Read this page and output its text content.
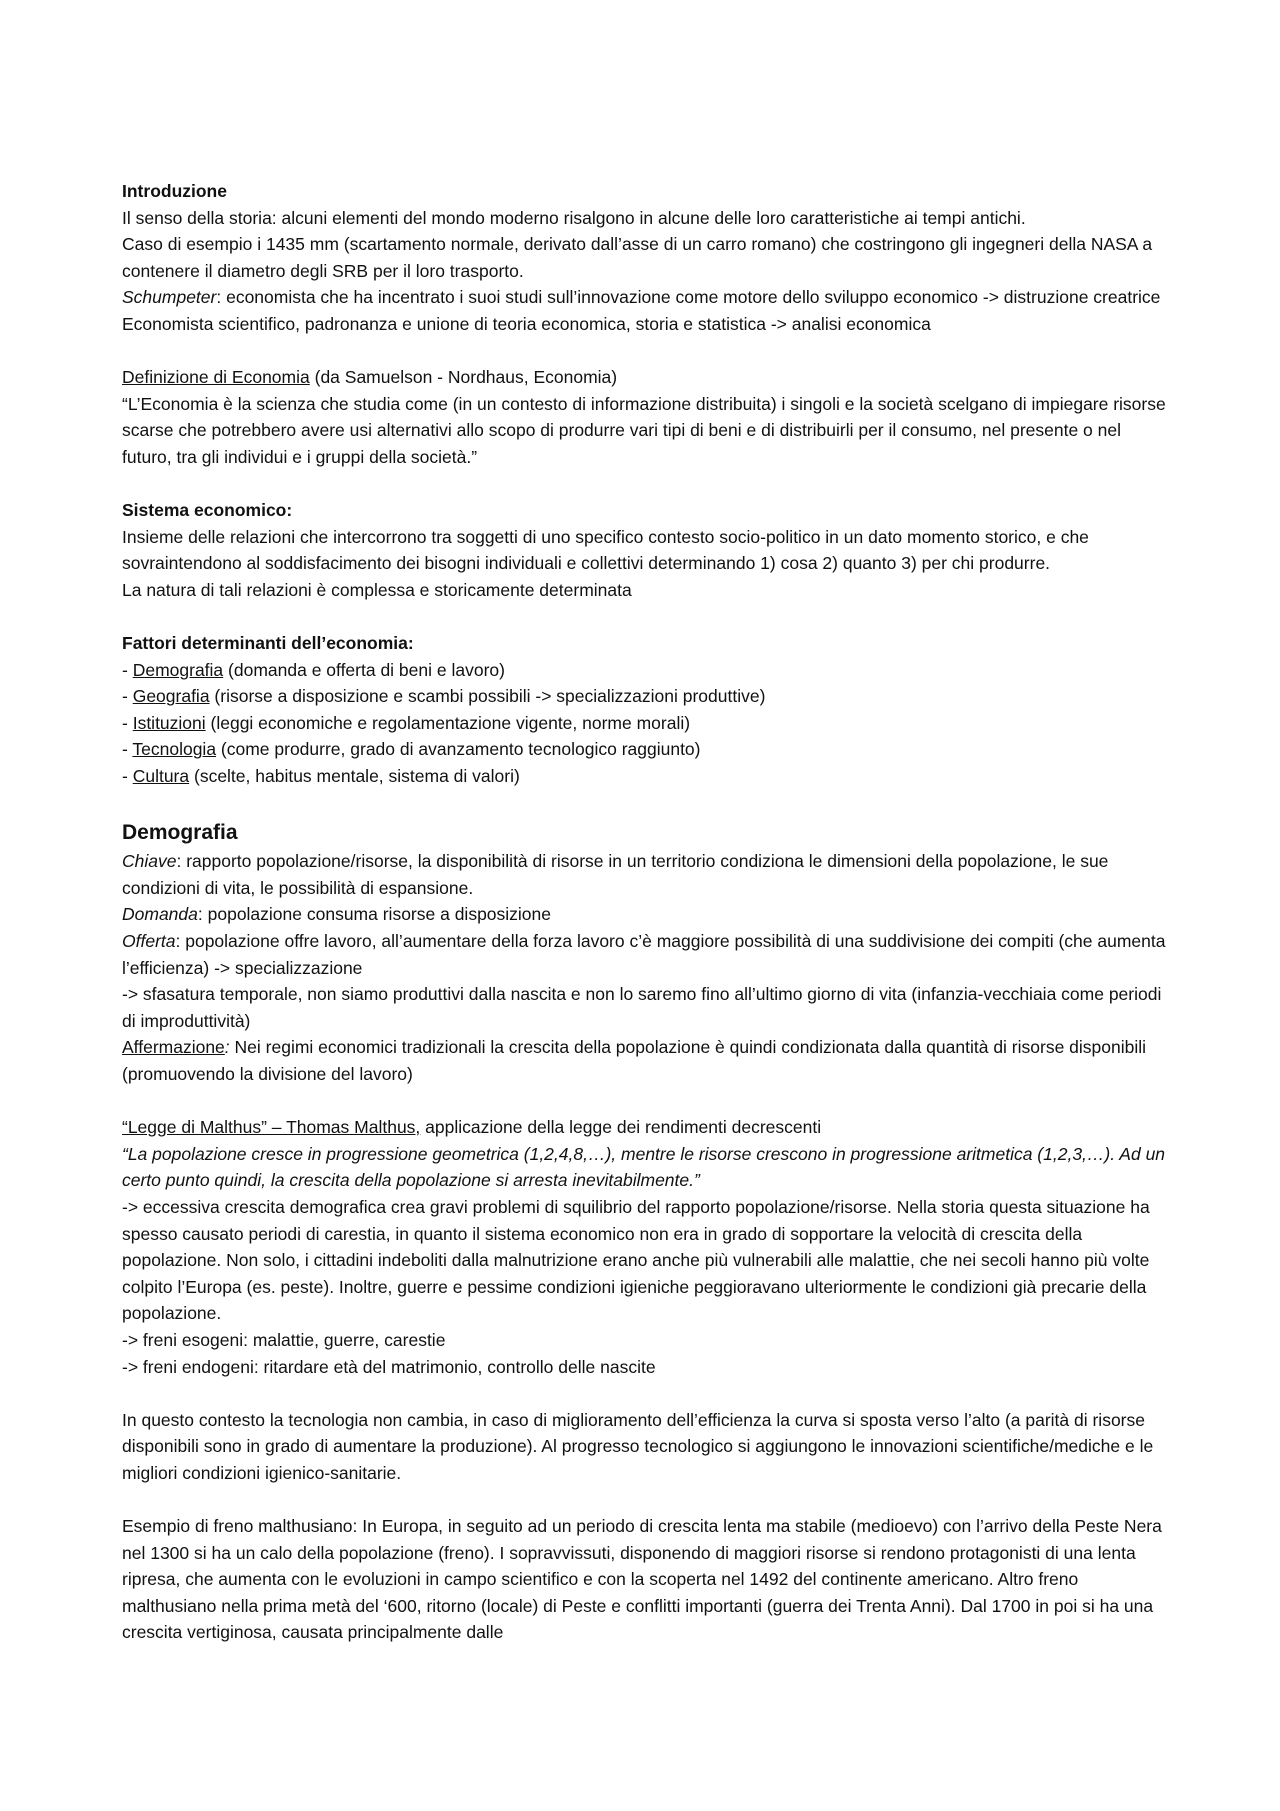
Introduzione

Il senso della storia: alcuni elementi del mondo moderno risalgono in alcune delle loro caratteristiche ai tempi antichi.

Caso di esempio i 1435 mm (scartamento normale, derivato dall’asse di un carro romano) che costringono gli ingegneri della NASA a contenere il diametro degli SRB per il loro trasporto.

Schumpeter: economista che ha incentrato i suoi studi sull’innovazione come motore dello sviluppo economico -> distruzione creatrice

Economista scientifico, padronanza e unione di teoria economica, storia e statistica -> analisi economica

Definizione di Economia (da Samuelson - Nordhaus, Economia)

“L’Economia è la scienza che studia come (in un contesto di informazione distribuita) i singoli e la società scelgano di impiegare risorse scarse che potrebbero avere usi alternativi allo scopo di produrre vari tipi di beni e di distribuirli per il consumo, nel presente o nel futuro, tra gli individui e i gruppi della società.”

Sistema economico:

Insieme delle relazioni che intercorrono tra soggetti di uno specifico contesto socio-politico in un dato momento storico, e che sovraintendono al soddisfacimento dei bisogni individuali e collettivi determinando 1) cosa 2) quanto 3) per chi produrre.

La natura di tali relazioni è complessa e storicamente determinata

Fattori determinanti dell’economia:

- Demografia (domanda e offerta di beni e lavoro)

- Geografia (risorse a disposizione e scambi possibili -> specializzazioni produttive)

- Istituzioni (leggi economiche e regolamentazione vigente, norme morali)

- Tecnologia (come produrre, grado di avanzamento tecnologico raggiunto)

- Cultura (scelte, habitus mentale, sistema di valori)

Demografia

Chiave: rapporto popolazione/risorse, la disponibilità di risorse in un territorio condiziona le dimensioni della popolazione, le sue condizioni di vita, le possibilità di espansione.

Domanda: popolazione consuma risorse a disposizione

Offerta: popolazione offre lavoro, all’aumentare della forza lavoro c’è maggiore possibilità di una suddivisione dei compiti (che aumenta l’efficienza) -> specializzazione

-> sfasatura temporale, non siamo produttivi dalla nascita e non lo saremo fino all’ultimo giorno di vita (infanzia-vecchiaia come periodi di improduttività)

Affermazione: Nei regimi economici tradizionali la crescita della popolazione è quindi condizionata dalla quantità di risorse disponibili (promuovendo la divisione del lavoro)

“Legge di Malthus” – Thomas Malthus, applicazione della legge dei rendimenti decrescenti

“La popolazione cresce in progressione geometrica (1,2,4,8,…), mentre le risorse crescono in progressione aritmetica (1,2,3,…). Ad un certo punto quindi, la crescita della popolazione si arresta inevitabilmente.”

-> eccessiva crescita demografica crea gravi problemi di squilibrio del rapporto popolazione/risorse. Nella storia questa situazione ha spesso causato periodi di carestia, in quanto il sistema economico non era in grado di sopportare la velocità di crescita della popolazione. Non solo, i cittadini indeboliti dalla malnutrizione erano anche più vulnerabili alle malattie, che nei secoli hanno più volte colpito l’Europa (es. peste). Inoltre, guerre e pessime condizioni igieniche peggioravano ulteriormente le condizioni già precarie della popolazione.

-> freni esogeni: malattie, guerre, carestie

-> freni endogeni: ritardare età del matrimonio, controllo delle nascite

In questo contesto la tecnologia non cambia, in caso di miglioramento dell’efficienza la curva si sposta verso l’alto (a parità di risorse disponibili sono in grado di aumentare la produzione). Al progresso tecnologico si aggiungono le innovazioni scientifiche/mediche e le migliori condizioni igienico-sanitarie.

Esempio di freno malthusiano: In Europa, in seguito ad un periodo di crescita lenta ma stabile (medioevo) con l’arrivo della Peste Nera nel 1300 si ha un calo della popolazione (freno). I sopravvissuti, disponendo di maggiori risorse si rendono protagonisti di una lenta ripresa, che aumenta con le evoluzioni in campo scientifico e con la scoperta nel 1492 del continente americano. Altro freno malthusiano nella prima metà del ‘600, ritorno (locale) di Peste e conflitti importanti (guerra dei Trenta Anni). Dal 1700 in poi si ha una crescita vertiginosa, causata principalmente dalle
